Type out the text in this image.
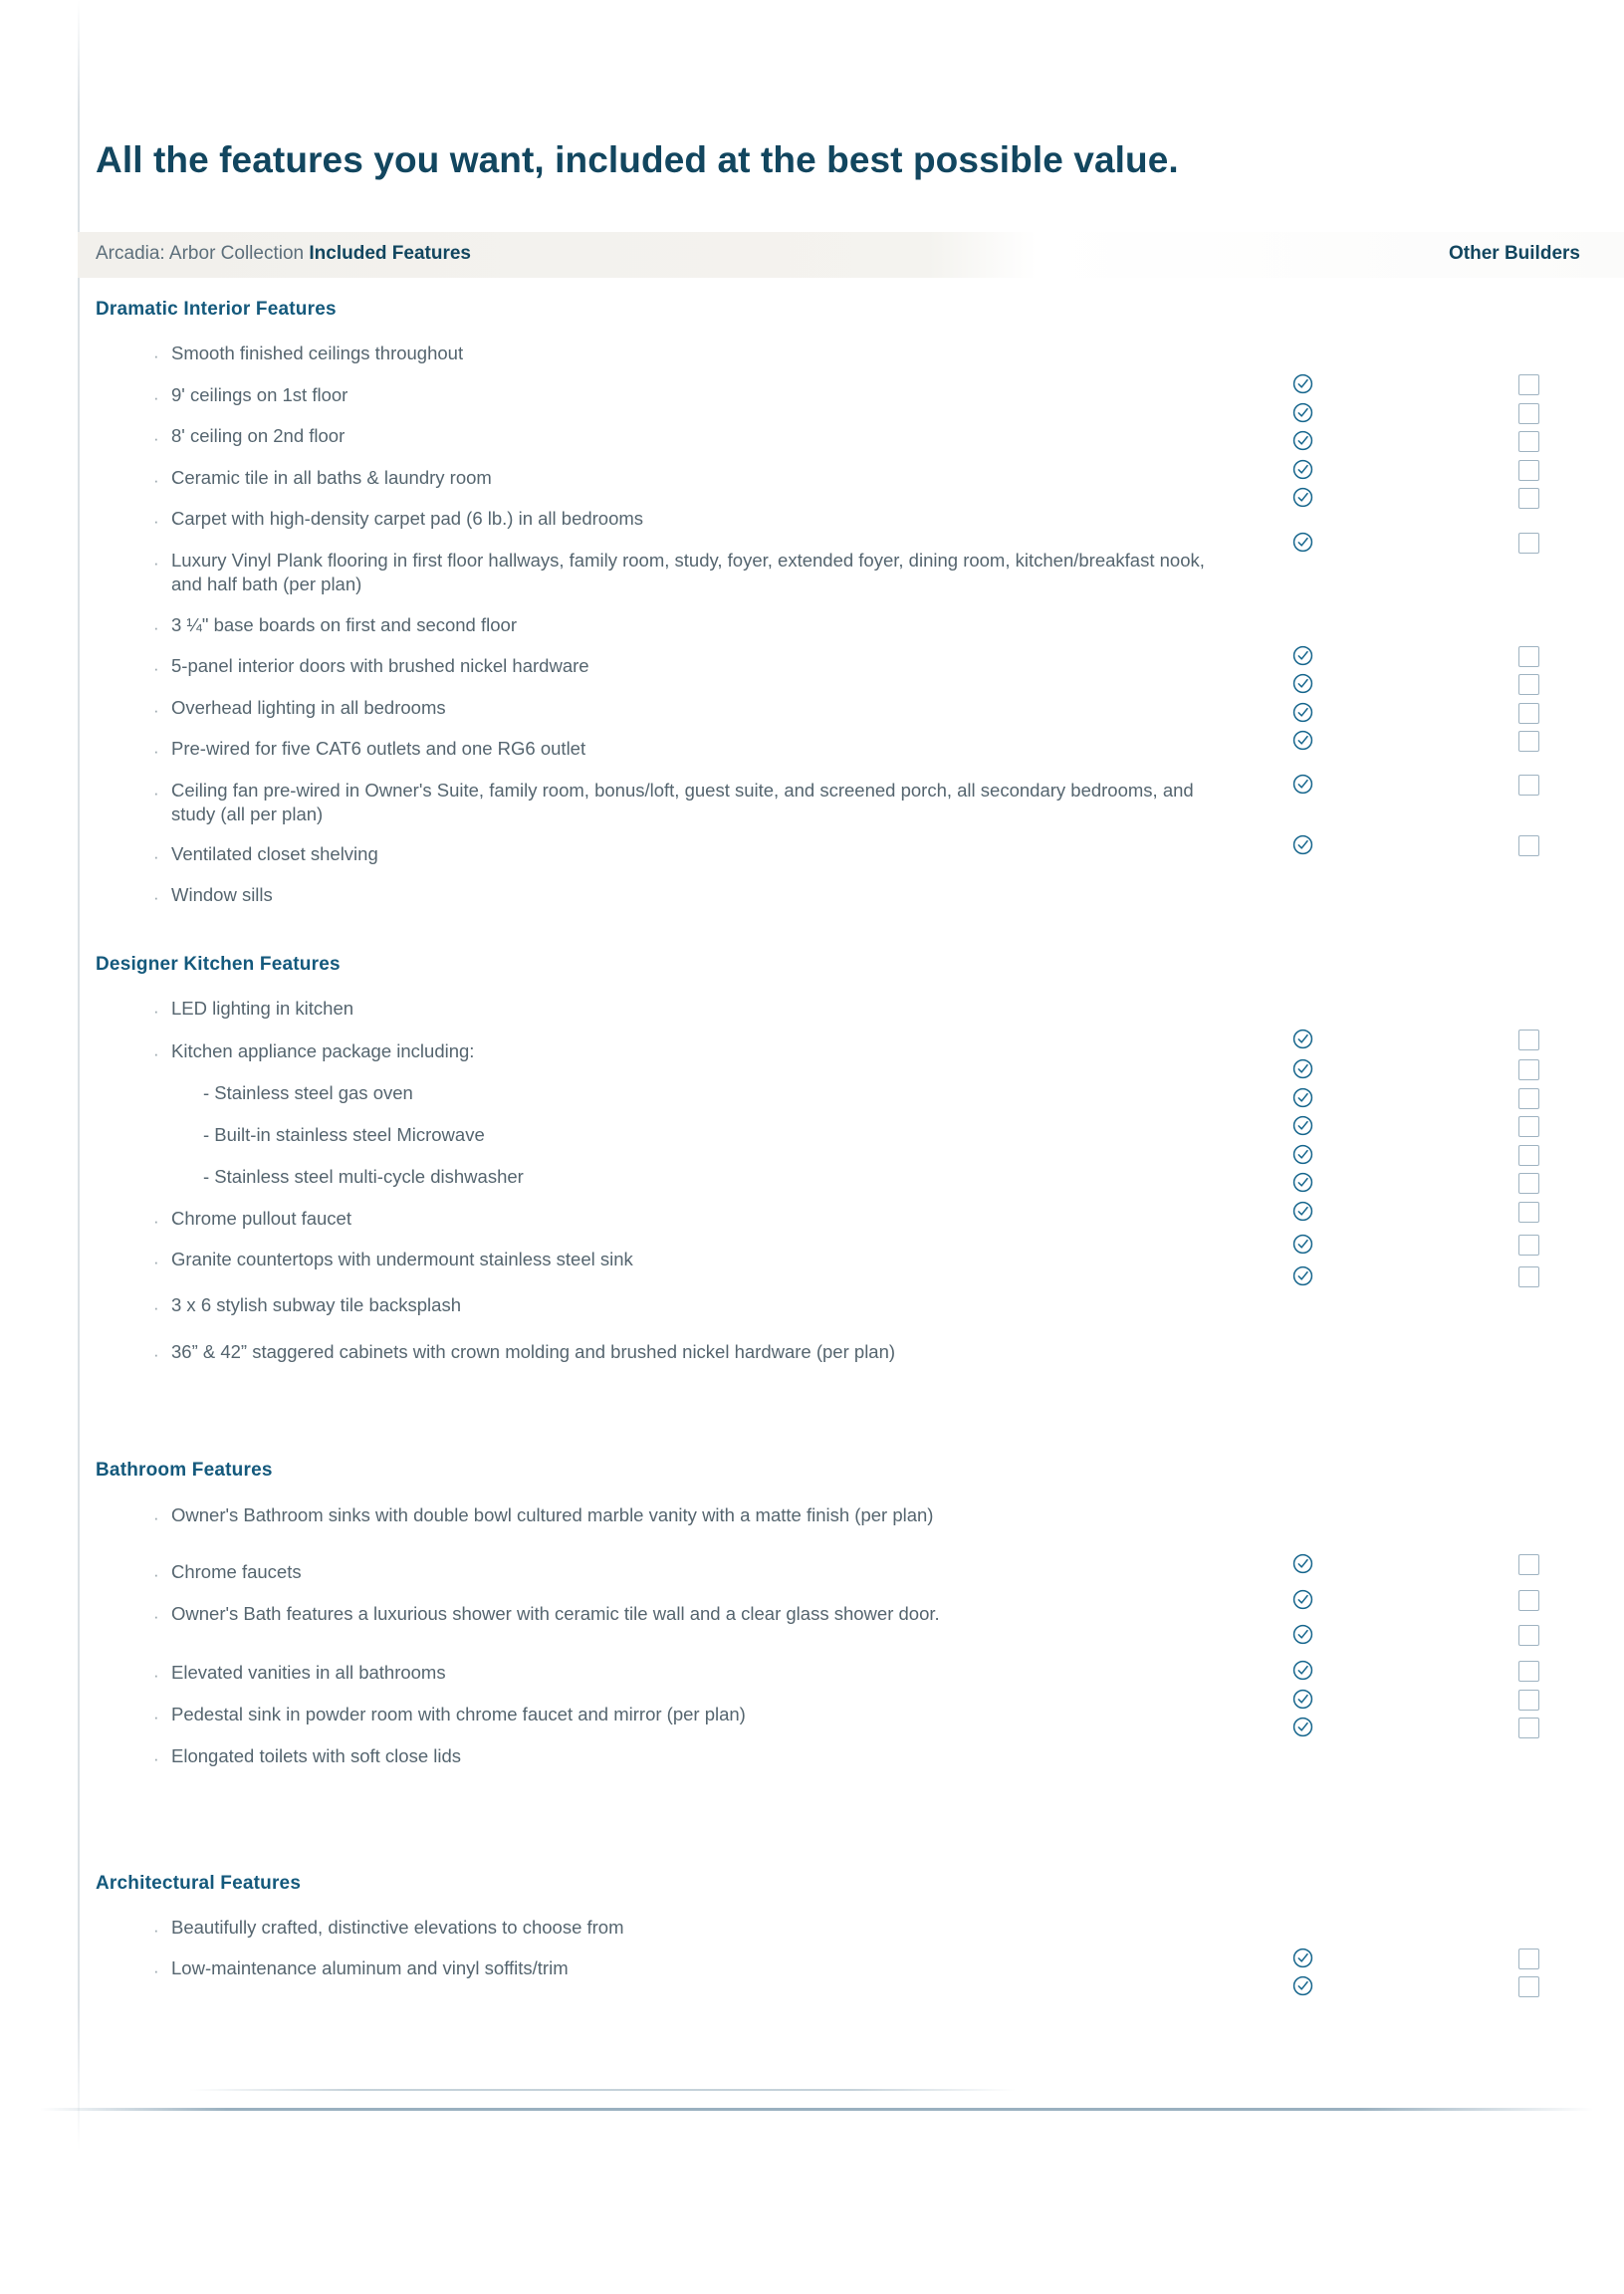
All the features you want, included at the best possible value.
Arcadia: Arbor Collection Included Features	Other Builders
Dramatic Interior Features
· Smooth finished ceilings throughout
· 9' ceilings on 1st floor
· 8' ceiling on 2nd floor
· Ceramic tile in all baths & laundry room
· Carpet with high-density carpet pad (6 lb.) in all bedrooms
· Luxury Vinyl Plank flooring in first floor hallways, family room, study, foyer, extended foyer, dining room, kitchen/breakfast nook, and half bath (per plan)
· 3 ¼" base boards on first and second floor
· 5-panel interior doors with brushed nickel hardware
· Overhead lighting in all bedrooms
· Pre-wired for five CAT6 outlets and one RG6 outlet
· Ceiling fan pre-wired in Owner's Suite, family room, bonus/loft, guest suite, and screened porch, all secondary bedrooms, and study (all per plan)
· Ventilated closet shelving
· Window sills
Designer Kitchen Features
· LED lighting in kitchen
· Kitchen appliance package including:
- Stainless steel gas oven
- Built-in stainless steel Microwave
- Stainless steel multi-cycle dishwasher
· Chrome pullout faucet
· Granite countertops with undermount stainless steel sink
· 3 x 6 stylish subway tile backsplash
· 36” & 42” staggered cabinets with crown molding and brushed nickel hardware (per plan)
Bathroom Features
· Owner's Bathroom sinks with double bowl cultured marble vanity with a matte finish (per plan)
· Chrome faucets
· Owner's Bath features a luxurious shower with ceramic tile wall and a clear glass shower door.
· Elevated vanities in all bathrooms
· Pedestal sink in powder room with chrome faucet and mirror (per plan)
· Elongated toilets with soft close lids
Architectural Features
· Beautifully crafted, distinctive elevations to choose from
· Low-maintenance aluminum and vinyl soffits/trim
